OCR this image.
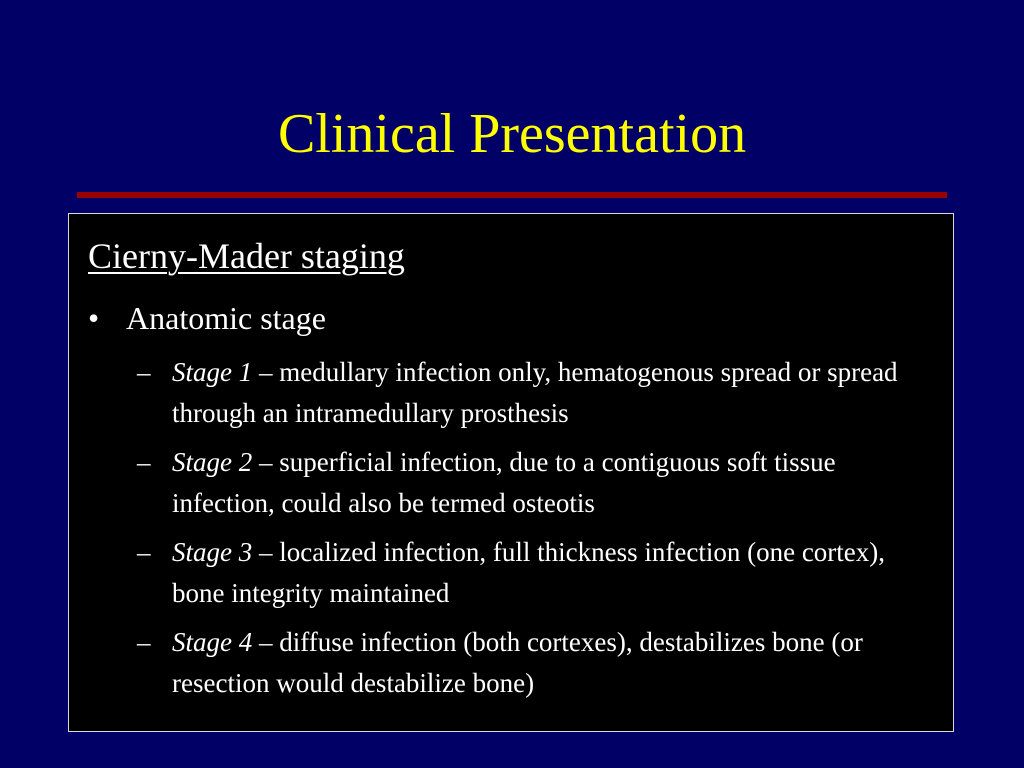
Clinical Presentation
Cierny-Mader staging
• Anatomic stage
– Stage 1 – medullary infection only, hematogenous spread or spread through an intramedullary prosthesis
– Stage 2 – superficial infection, due to a contiguous soft tissue infection, could also be termed osteotis
– Stage 3 – localized infection, full thickness infection (one cortex), bone integrity maintained
– Stage 4 – diffuse infection (both cortexes), destabilizes bone (or resection would destabilize bone)
